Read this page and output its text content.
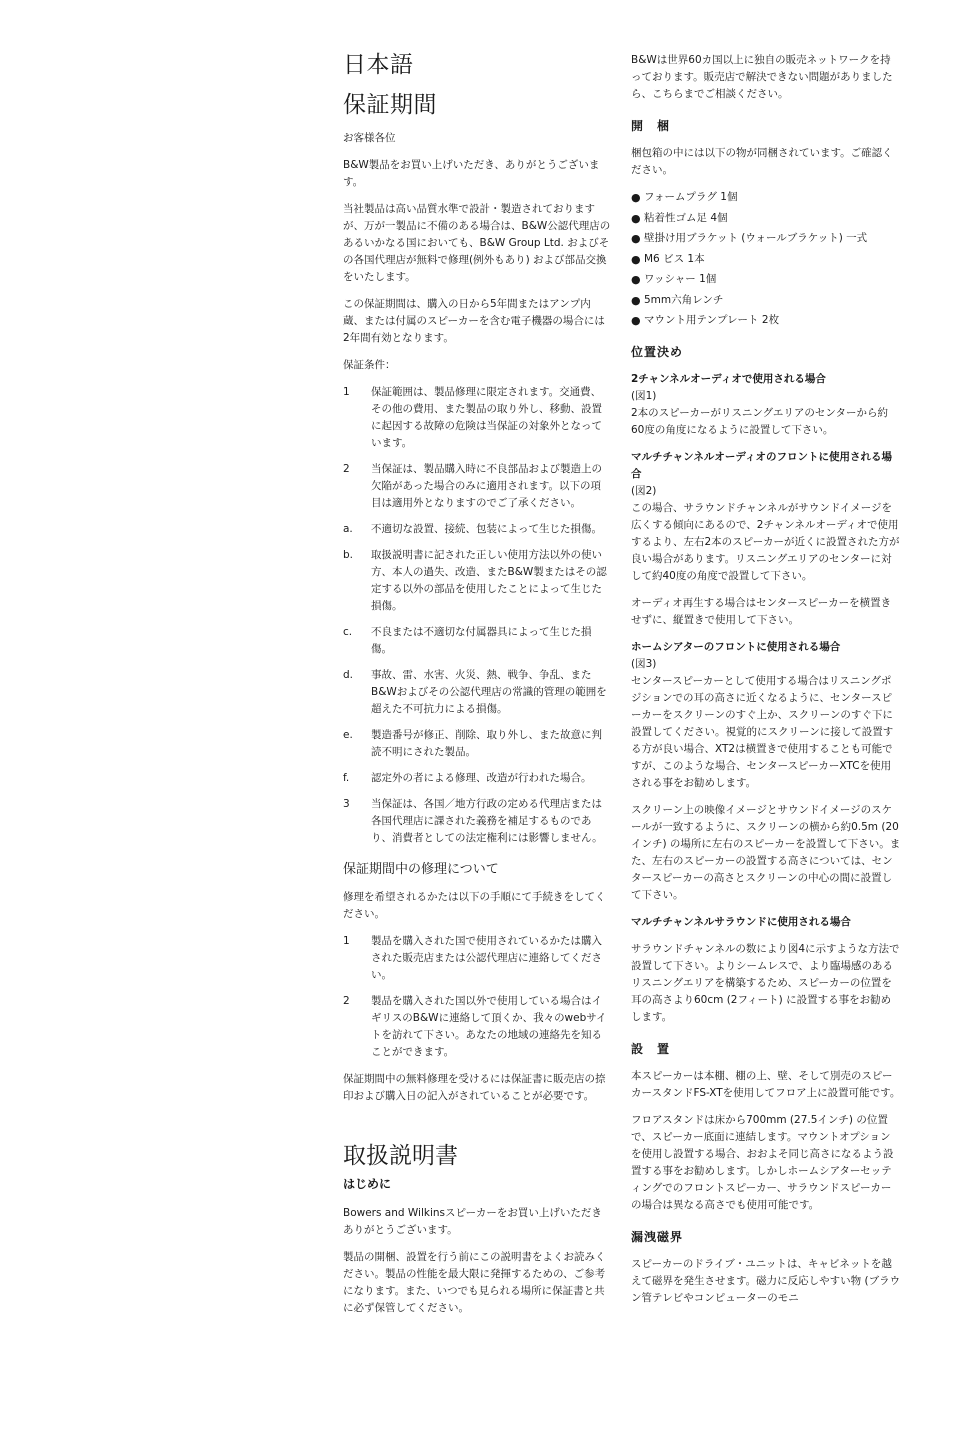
日本語
保証期間

お客様各位

B&W製品をお買い上げいただき、ありがとうございます。

当社製品は高い品質水準で設計・製造されておりますが、万が一製品に不備のある場合は、B&W公認代理店のあるいかなる国においても、B&W Group Ltd. およびその各国代理店が無料で修理(例外もあり) および部品交換をいたします。

この保証期間は、購入の日から5年間またはアンプ内蔵、または付属のスピーカーを含む電子機器の場合には2年間有効となります。

保証条件：

1	保証範囲は、製品修理に限定されます。交通費、その他の費用、また製品の取り外し、移動、設置に起因する故障の危険は当保証の対象外となっています。
2	当保証は、製品購入時に不良部品および製造上の欠陥があった場合のみに適用されます。以下の項目は適用外となりますのでご了承ください。
a.	不適切な設置、接続、包装によって生じた損傷。
b.	取扱説明書に記された正しい使用方法以外の使い方、本人の過失、改造、またB&W製またはその認定する以外の部品を使用したことによって生じた損傷。
c.	不良または不適切な付属器具によって生じた損傷。
d.	事故、雷、水害、火災、熱、戦争、争乱、またB&Wおよびその公認代理店の常識的管理の範囲を超えた不可抗力による損傷。
e.	製造番号が修正、削除、取り外し、また故意に判読不明にされた製品。
f.	認定外の者による修理、改造が行われた場合。
3	当保証は、各国／地方行政の定める代理店または各国代理店に課された義務を補足するものであり、消費者としての法定権利には影響しません。
保証期間中の修理について

修理を希望されるかたは以下の手順にて手続きをしてください。

1	製品を購入された国で使用されているかたは購入された販売店または公認代理店に連絡してください。
2	製品を購入された国以外で使用している場合はイギリスのB&Wに連絡して頂くか、我々のwebサイトを訪れて下さい。あなたの地域の連絡先を知ることができます。

保証期間中の無料修理を受けるには保証書に販売店の捺印および購入日の記入がされていることが必要です。

取扱説明書
はじめに

Bowers and Wilkinsスピーカーをお買い上げいただきありがとうございます。

製品の開梱、設置を行う前にこの説明書をよくお読みください。製品の性能を最大限に発揮するための、ご参考になります。また、いつでも見られる場所に保証書と共に必ず保管してください。

B&Wは世界60カ国以上に独自の販売ネットワークを持っております。販売店で解決できない問題がありましたら、こちらまでご相談ください。

開　梱

梱包箱の中には以下の物が同梱されています。ご確認ください。

● フォームプラグ 1個
● 粘着性ゴム足 4個
● 壁掛け用ブラケット (ウォールブラケット) 一式
● M6 ビス 1本
● ワッシャー 1個
● 5mm六角レンチ
● マウント用テンプレート 2枚
位置決め

2チャンネルオーディオで使用される場合

(図1)

2本のスピーカーがリスニングエリアのセンターから約60度の角度になるように設置して下さい。

マルチチャンネルオーディオのフロントに使用される場合

(図2)

この場合、サラウンドチャンネルがサウンドイメージを広くする傾向にあるので、2チャンネルオーディオで使用するより、左右2本のスピーカーが近くに設置された方が良い場合があります。リスニングエリアのセンターに対して約40度の角度で設置して下さい。

オーディオ再生する場合はセンタースピーカーを横置きせずに、縦置きで使用して下さい。

ホームシアターのフロントに使用される場合

(図3)

センタースピーカーとして使用する場合はリスニングポジションでの耳の高さに近くなるように、センタースピーカーをスクリーンのすぐ上か、スクリーンのすぐ下に設置してください。視覚的にスクリーンに接して設置する方が良い場合、XT2は横置きで使用することも可能ですが、このような場合、センタースピーカーXTCを使用される事をお勧めします。

スクリーン上の映像イメージとサウンドイメージのスケールが一致するように、スクリーンの横から約0.5m (20インチ) の場所に左右のスピーカーを設置して下さい。また、左右のスピーカーの設置する高さについては、センタースピーカーの高さとスクリーンの中心の間に設置して下さい。

マルチチャンネルサラウンドに使用される場合

サラウンドチャンネルの数により図4に示すような方法で設置して下さい。よりシームレスで、より臨場感のあるリスニングエリアを構築するため、スピーカーの位置を耳の高さより60cm (2フィート) に設置する事をお勧めします。

設　置

本スピーカーは本棚、棚の上、壁、そして別売のスピーカースタンドFS-XTを使用してフロア上に設置可能です。

フロアスタンドは床から700mm (27.5インチ) の位置で、スピーカー底面に連結します。マウントオプションを使用し設置する場合、おおよそ同じ高さになるよう設置する事をお勧めします。しかしホームシアターセッティングでのフロントスピーカー、サラウンドスピーカーの場合は異なる高さでも使用可能です。

漏洩磁界

スピーカーのドライブ・ユニットは、キャビネットを越えて磁界を発生させます。磁力に反応しやすい物 (ブラウン管テレビやコンピューターのモニ
